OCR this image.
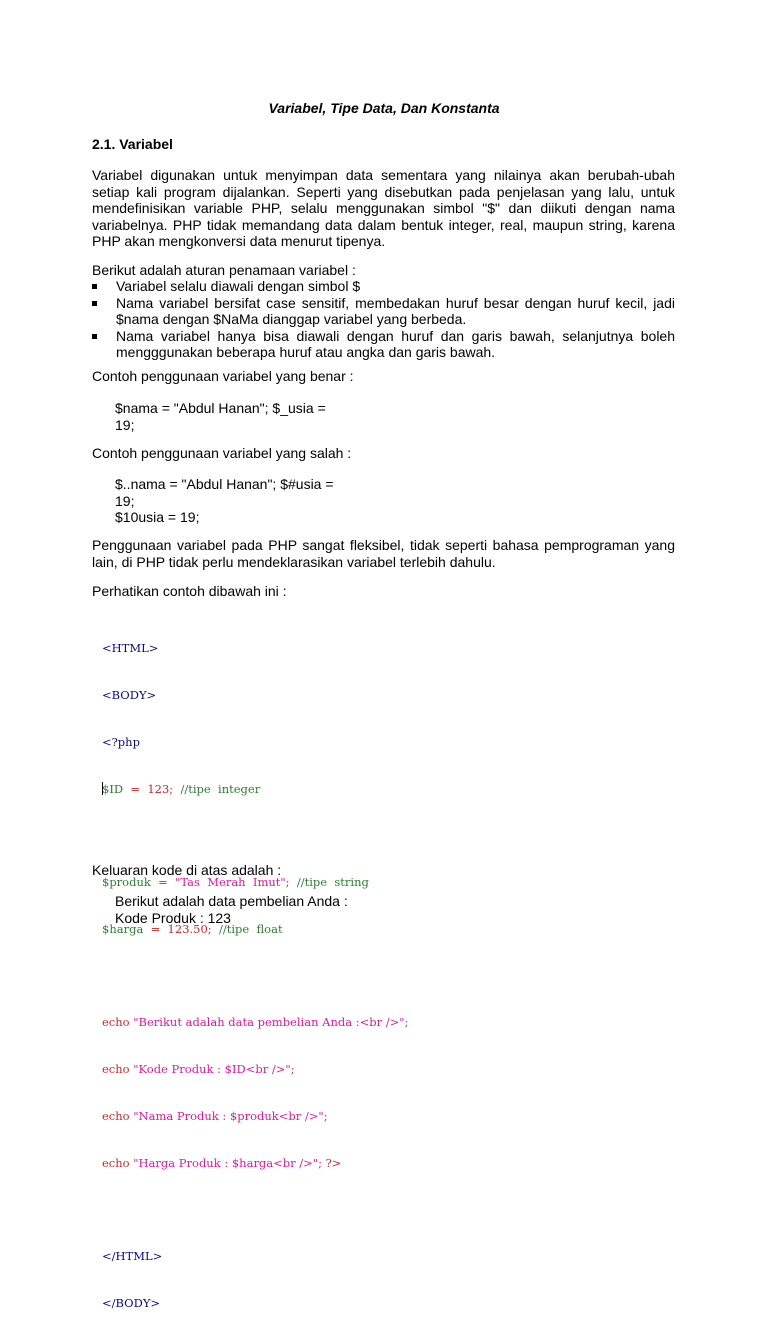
Variabel, Tipe Data, Dan Konstanta
2.1. Variabel
Variabel digunakan untuk menyimpan data sementara yang nilainya akan berubah-ubah setiap kali program dijalankan. Seperti yang disebutkan pada penjelasan yang lalu, untuk mendefinisikan variable PHP, selalu menggunakan simbol "$" dan diikuti dengan nama variabelnya. PHP tidak memandang data dalam bentuk integer, real, maupun string, karena PHP akan mengkonversi data menurut tipenya.
Berikut adalah aturan penamaan variabel :
Variabel selalu diawali dengan simbol $
Nama variabel bersifat case sensitif, membedakan huruf besar dengan huruf kecil, jadi $nama dengan $NaMa dianggap variabel yang berbeda.
Nama variabel hanya bisa diawali dengan huruf dan garis bawah, selanjutnya boleh mengggunakan beberapa huruf atau angka dan garis bawah.
Contoh penggunaan variabel yang benar :
$nama = "Abdul Hanan"; $_usia =
19;
Contoh penggunaan variabel yang salah :
$..nama = "Abdul Hanan"; $#usia =
19;
$10usia = 19;
Penggunaan variabel pada PHP sangat fleksibel, tidak seperti bahasa pemprograman yang lain, di PHP tidak perlu mendeklarasikan variabel terlebih dahulu.
Perhatikan contoh dibawah ini :

<HTML>

<BODY>

<?php

$ID  =  123;  //tipe  integer

$produk  =  "Tas  Merah  Imut";  //tipe  string

$harga  =  123.50;  //tipe  float

echo "Berikut adalah data pembelian Anda :<br />";

echo "Kode Produk : $ID<br />";

echo "Nama Produk : $produk<br />";

echo "Harga Produk : $harga<br />"; ?>

</HTML>

</BODY>

Keluaran kode di atas adalah :
Berikut adalah data pembelian Anda :
Kode Produk : 123
